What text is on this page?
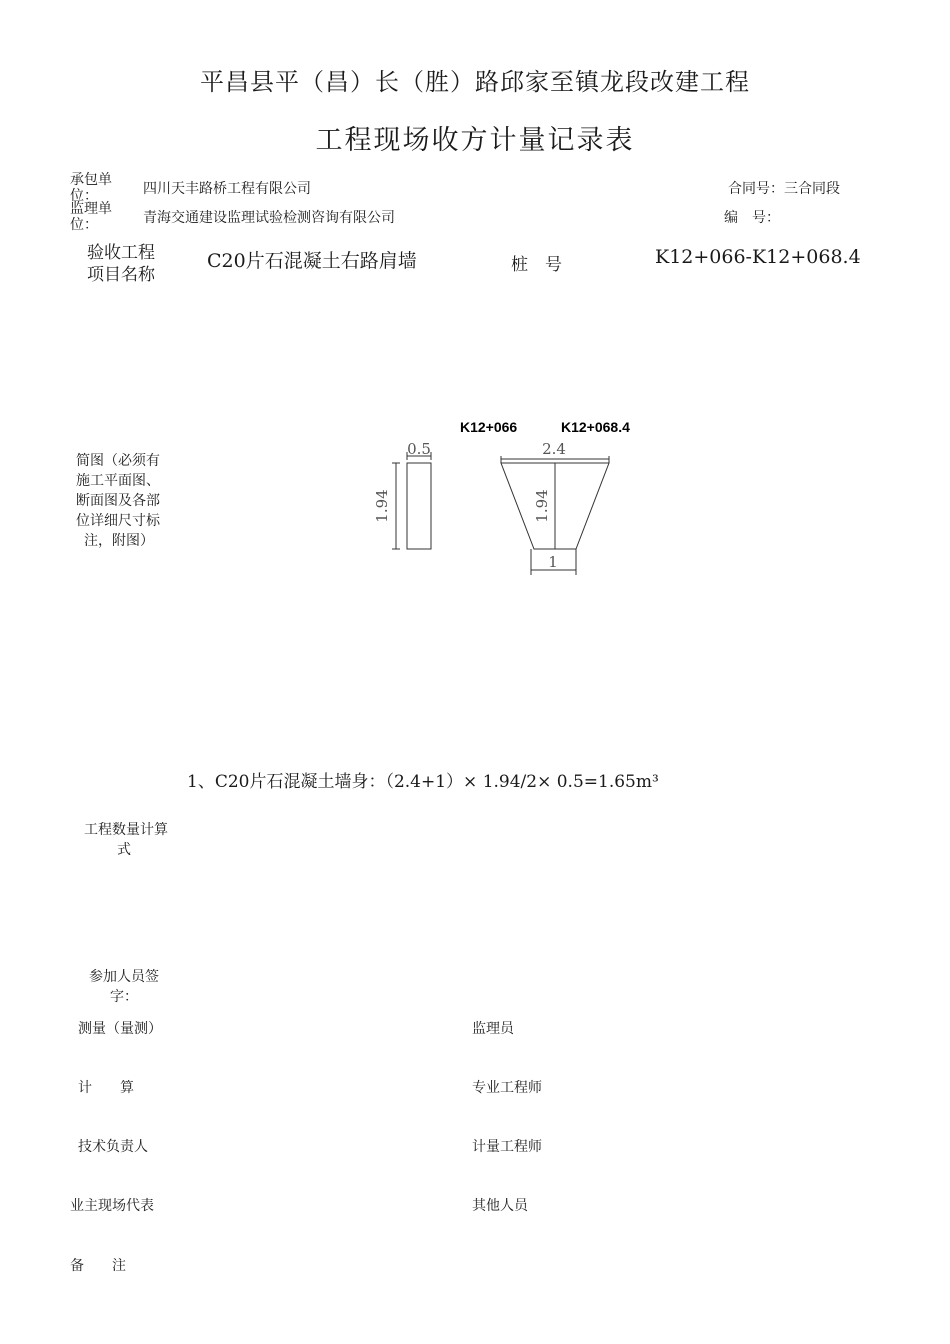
平昌县平（昌）长（胜）路邱家至镇龙段改建工程
工程现场收方计量记录表
承包单位：	四川天丰路桥工程有限公司	合同号：三合同段
监理单位：	青海交通建设监理试验检测咨询有限公司	编　号：
验收工程
项目名称
C20片石混凝土右路肩墙	桩　号	K12+066-K12+068.4
简图（必须有
施工平面图、
断面图及各部
位详细尺寸标
注，附图）
K12+066	K12+068.4
0.5
1.94
2.4
1.94
1
1、C20片石混凝土墙身：（2.4+1）× 1.94/2× 0.5=1.65m³
工程数量计算
式
参加人员签
字：
测量（量测）	监理员
计　　算	专业工程师
技术负责人	计量工程师
业主现场代表	其他人员
备　　注
